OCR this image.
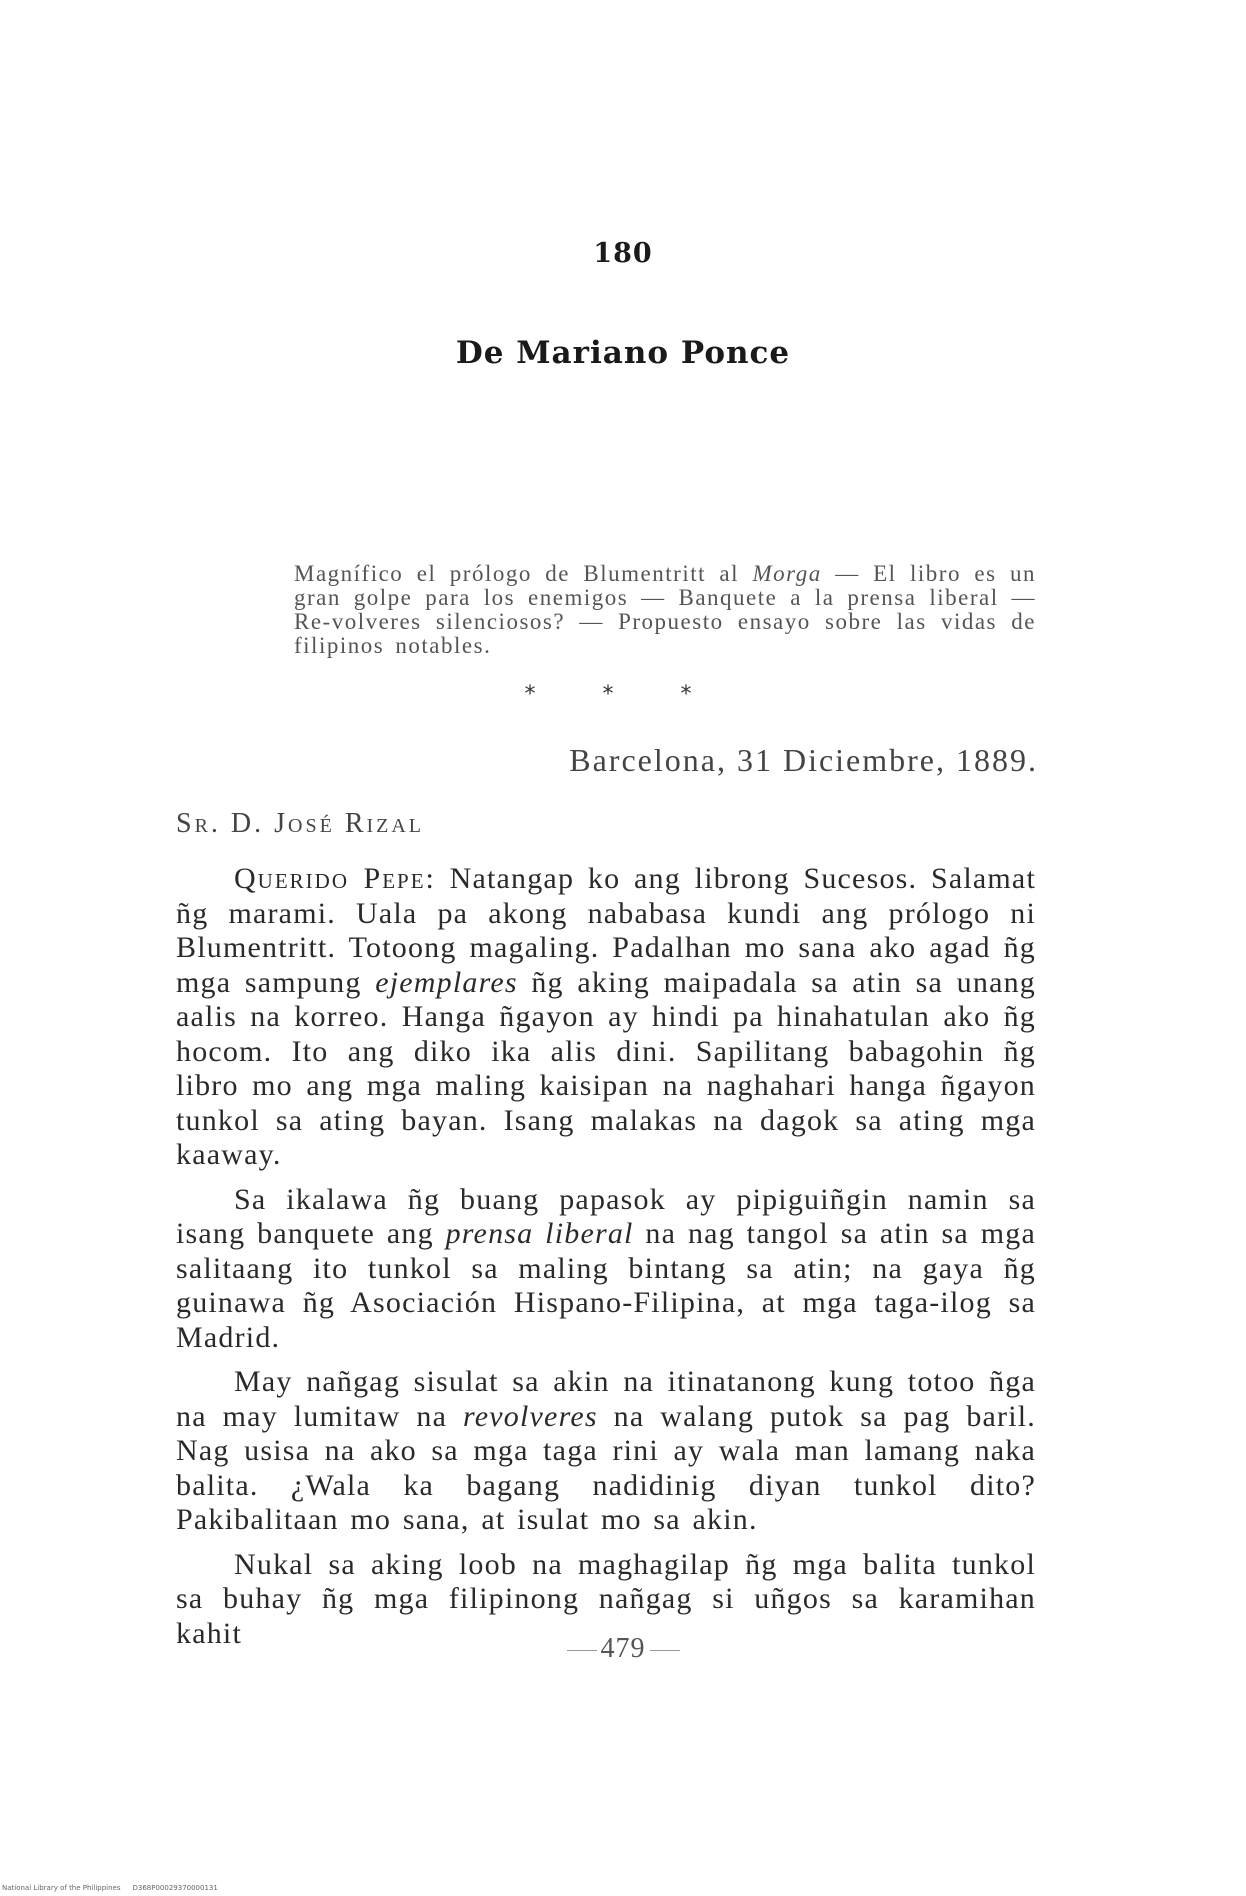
180
De Mariano Ponce

Magnífico el prólogo de Blumentritt al Morga — El libro es un gran golpe para los enemigos — Banquete a la prensa liberal — Re-volveres silenciosos? — Propuesto ensayo sobre las vidas de filipinos notables.

* * *
Barcelona, 31 Diciembre, 1889.
Sr. D. José Rizal

Querido Pepe: Natangap ko ang librong Sucesos. Salamat ñg marami. Uala pa akong nababasa kundi ang prólogo ni Blumentritt. Totoong magaling. Padalhan mo sana ako agad ñg mga sampung ejemplares ñg aking maipadala sa atin sa unang aalis na korreo. Hanga ñgayon ay hindi pa hinahatulan ako ñg hocom. Ito ang diko ika alis dini. Sapilitang babagohin ñg libro mo ang mga maling kaisipan na naghahari hanga ñgayon tunkol sa ating bayan. Isang malakas na dagok sa ating mga kaaway.

Sa ikalawa ñg buang papasok ay pipiguiñgin namin sa isang banquete ang prensa liberal na nag tangol sa atin sa mga salitaang ito tunkol sa maling bintang sa atin; na gaya ñg guinawa ñg Asociación Hispano-Filipina, at mga taga-ilog sa Madrid.

May nañgag sisulat sa akin na itinatanong kung totoo ñga na may lumitaw na revolveres na walang putok sa pag baril. Nag usisa na ako sa mga taga rini ay wala man lamang naka balita. ¿Wala ka bagang nadidinig diyan tunkol dito? Pakibalitaan mo sana, at isulat mo sa akin.

Nukal sa aking loob na maghagilap ñg mga balita tunkol sa buhay ñg mga filipinong nañgag si uñgos sa karamihan kahit	479
National Library of the Philippines D368P00029370000131
